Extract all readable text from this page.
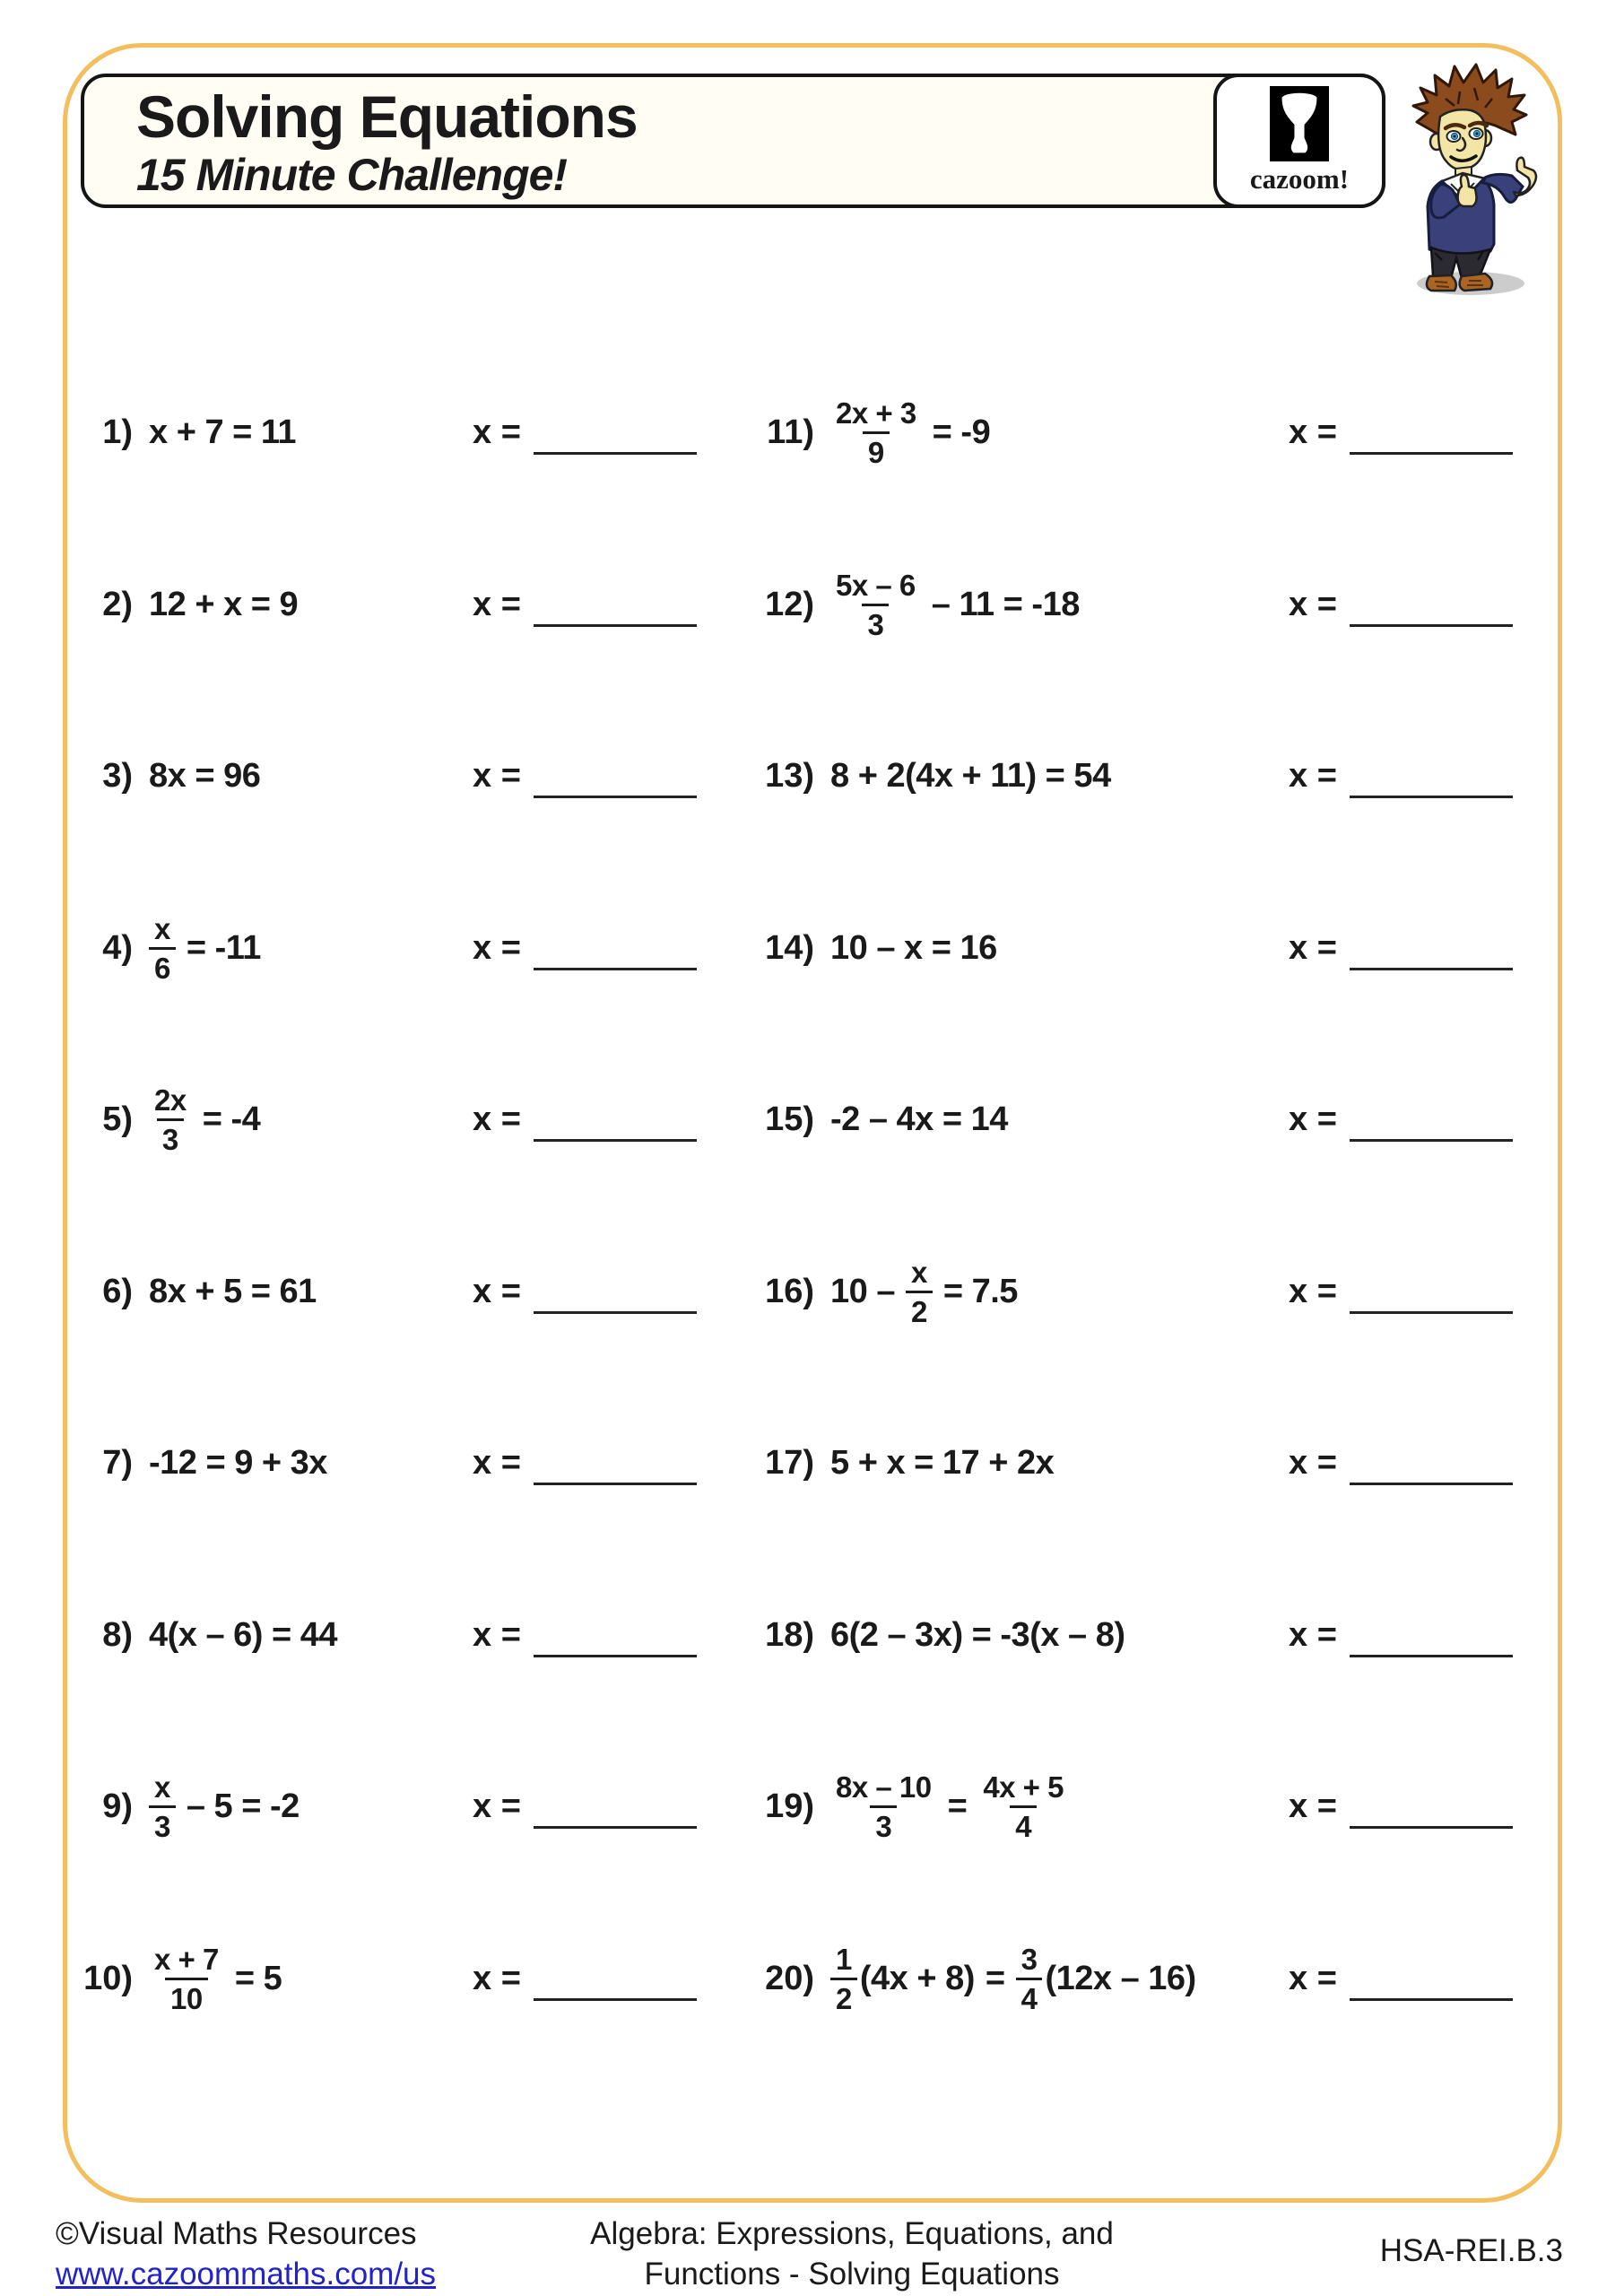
Solving Equations
15 Minute Challenge!	cazoom!
1) x + 7 = 11	x =	$11) \frac{2x + 3}{9} = -9$	x =
2) 12 + x = 9	x =	$12) \frac{5x - 6}{3} - 11 = -18$	x =
3) 8x = 96	x =	13) 8 + 2(4x + 11) = 54	x =
$4) \frac{x}{6} = -11$	x =	14) 10 – x = 16	x =
$5) \frac{2x}{3} = -4$	x =	15) -2 – 4x = 14	x =
6) 8x + 5 = 61	x =	16) $10 - \frac{x}{2} = 7.5$	x =
7) -12 = 9 + 3x	x =	17) 5 + x = 17 + 2x	x =
8) 4(x – 6) = 44	x =	18) 6(2 – 3x) = -3(x – 8)	x =
$9) \frac{x}{3} - 5 = -2$	x =	$19) \frac{8x - 10}{3} = \frac{4x + 5}{4}$	x =
$10) \frac{x + 7}{10} = 5$	x =	$20) \frac{1}{2} (4x + 8) = \frac{3}{4} (12x - 16)$	x =
©Visual Maths Resources
www.cazoommaths.com/us
Algebra: Expressions, Equations, and
Functions - Solving Equations
HSA-REI.B.3
